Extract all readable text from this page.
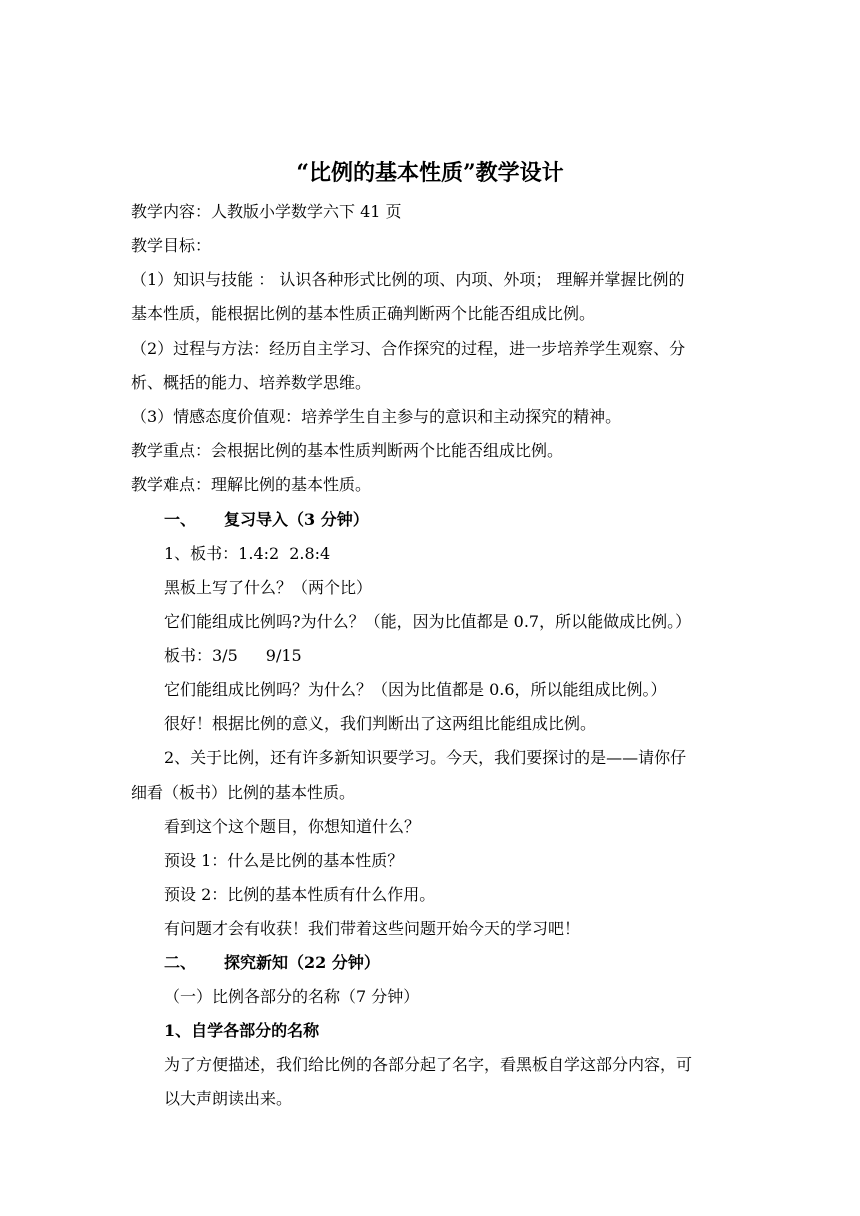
“比例的基本性质”教学设计
教学内容：人教版小学数学六下 41 页
教学目标：
（1）知识与技能 ： 认识各种形式比例的项、内项、外项； 理解并掌握比例的
基本性质，能根据比例的基本性质正确判断两个比能否组成比例。
（2）过程与方法：经历自主学习、合作探究的过程，进一步培养学生观察、分
析、概括的能力、培养数学思维。
（3）情感态度价值观：培养学生自主参与的意识和主动探究的精神。
教学重点：会根据比例的基本性质判断两个比能否组成比例。
教学难点：理解比例的基本性质。
一、 复习导入（3 分钟）
1、板书：1.4:2 2.8:4
黑板上写了什么？（两个比）
它们能组成比例吗?为什么？（能，因为比值都是 0.7，所以能做成比例。）
板书：3/5 9/15
它们能组成比例吗？为什么？（因为比值都是 0.6，所以能组成比例。）
很好！根据比例的意义，我们判断出了这两组比能组成比例。
2、关于比例，还有许多新知识要学习。今天，我们要探讨的是——请你仔
细看（板书）比例的基本性质。
看到这个这个题目，你想知道什么？
预设 1：什么是比例的基本性质？
预设 2：比例的基本性质有什么作用。
有问题才会有收获！我们带着这些问题开始今天的学习吧！
二、 探究新知（22 分钟）
（一）比例各部分的名称（7 分钟）
1、自学各部分的名称
为了方便描述，我们给比例的各部分起了名字，看黑板自学这部分内容，可
以大声朗读出来。
